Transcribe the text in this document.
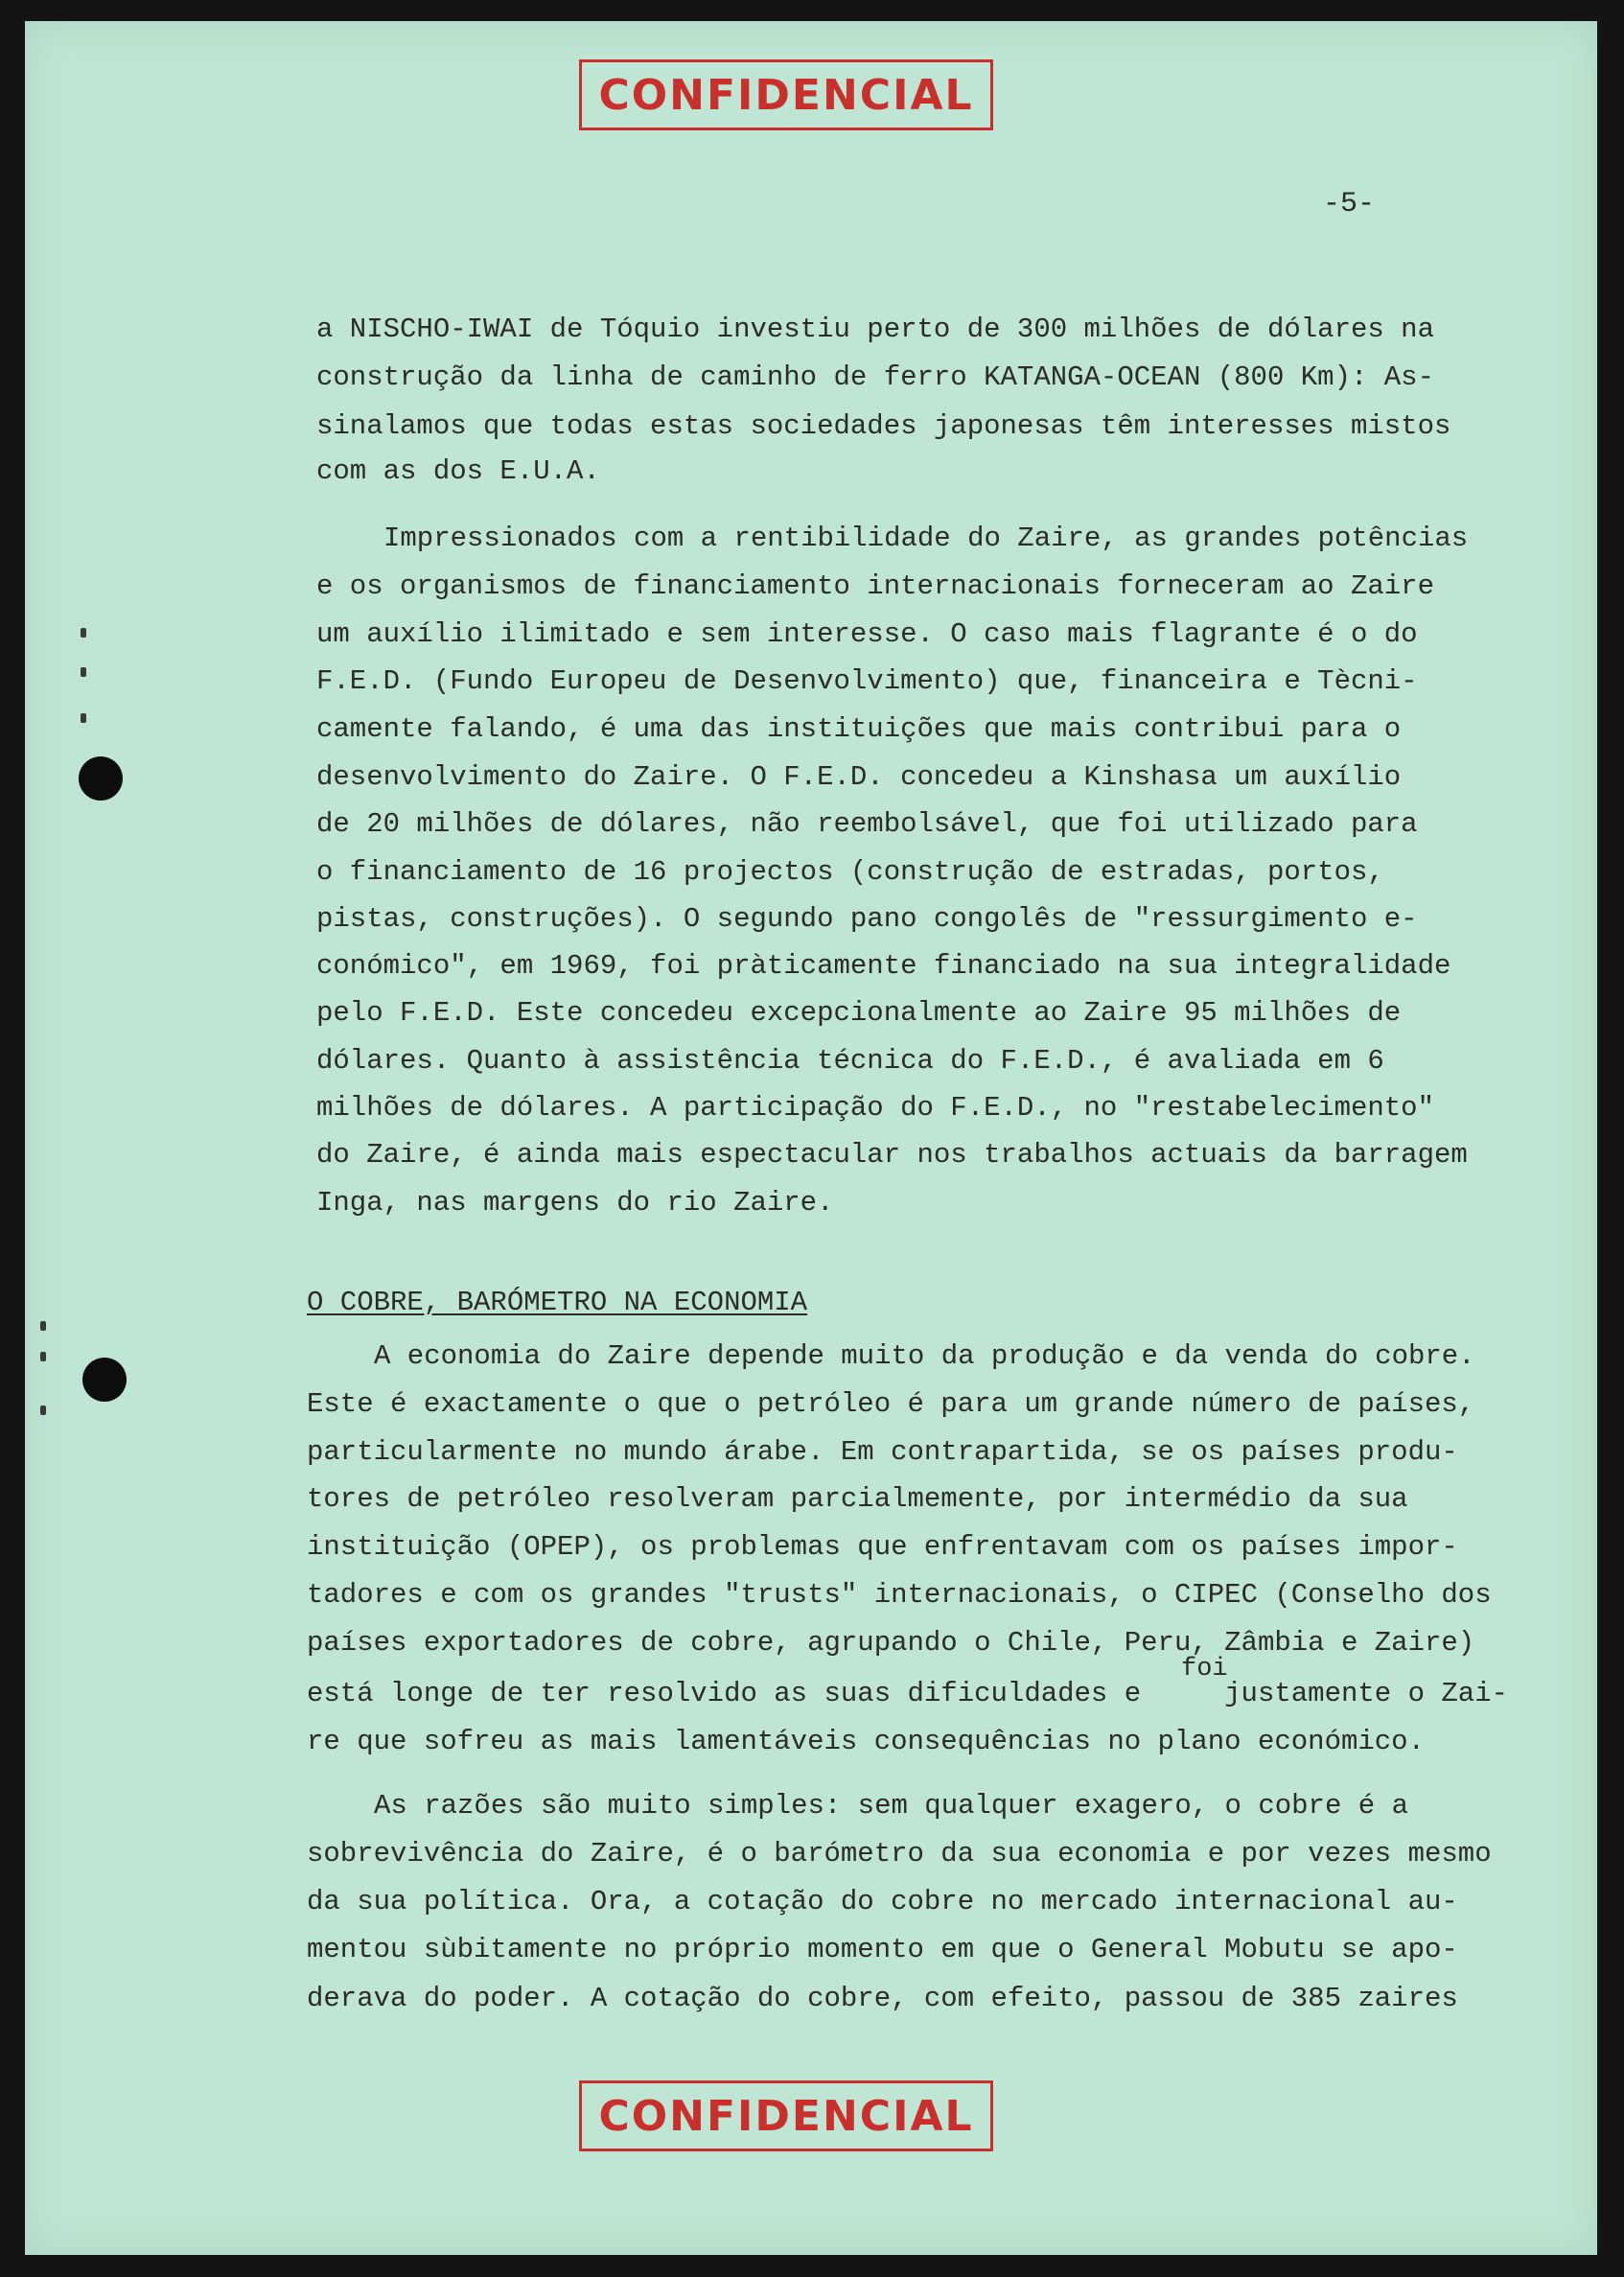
CONFIDENCIAL
-5-
a NISCHO-IWAI de Tóquio investiu perto de 300 milhões de dólares na
construção da linha de caminho de ferro KATANGA-OCEAN (800 Km): As-
sinalamos que todas estas sociedades japonesas têm interesses mistos
com as dos E.U.A.
Impressionados com a rentibilidade do Zaire, as grandes potências
e os organismos de financiamento internacionais forneceram ao Zaire
um auxílio ilimitado e sem interesse. O caso mais flagrante é o do
F.E.D. (Fundo Europeu de Desenvolvimento) que, financeira e Tècni-
camente falando, é uma das instituições que mais contribui para o
desenvolvimento do Zaire. O F.E.D. concedeu a Kinshasa um auxílio
de 20 milhões de dólares, não reembolsável, que foi utilizado para
o financiamento de 16 projectos (construção de estradas, portos,
pistas, construções). O segundo pano congolês de "ressurgimento e-
conómico", em 1969, foi pràticamente financiado na sua integralidade
pelo F.E.D. Este concedeu excepcionalmente ao Zaire 95 milhões de
dólares. Quanto à assistência técnica do F.E.D., é avaliada em 6
milhões de dólares. A participação do F.E.D., no "restabelecimento"
do Zaire, é ainda mais espectacular nos trabalhos actuais da barragem
Inga, nas margens do rio Zaire.
O COBRE, BARÓMETRO NA ECONOMIA
A economia do Zaire depende muito da produção e da venda do cobre.
Este é exactamente o que o petróleo é para um grande número de países,
particularmente no mundo árabe. Em contrapartida, se os países produ-
tores de petróleo resolveram parcialmemente, por intermédio da sua
instituição (OPEP), os problemas que enfrentavam com os países impor-
tadores e com os grandes "trusts" internacionais, o CIPEC (Conselho dos
países exportadores de cobre, agrupando o Chile, Peru, Zâmbia e Zaire)
foi
está longe de ter resolvido as suas dificuldades e     justamente o Zai-
re que sofreu as mais lamentáveis consequências no plano económico.
As razões são muito simples: sem qualquer exagero, o cobre é a
sobrevivência do Zaire, é o barómetro da sua economia e por vezes mesmo
da sua política. Ora, a cotação do cobre no mercado internacional au-
mentou sùbitamente no próprio momento em que o General Mobutu se apo-
derava do poder. A cotação do cobre, com efeito, passou de 385 zaires
CONFIDENCIAL
